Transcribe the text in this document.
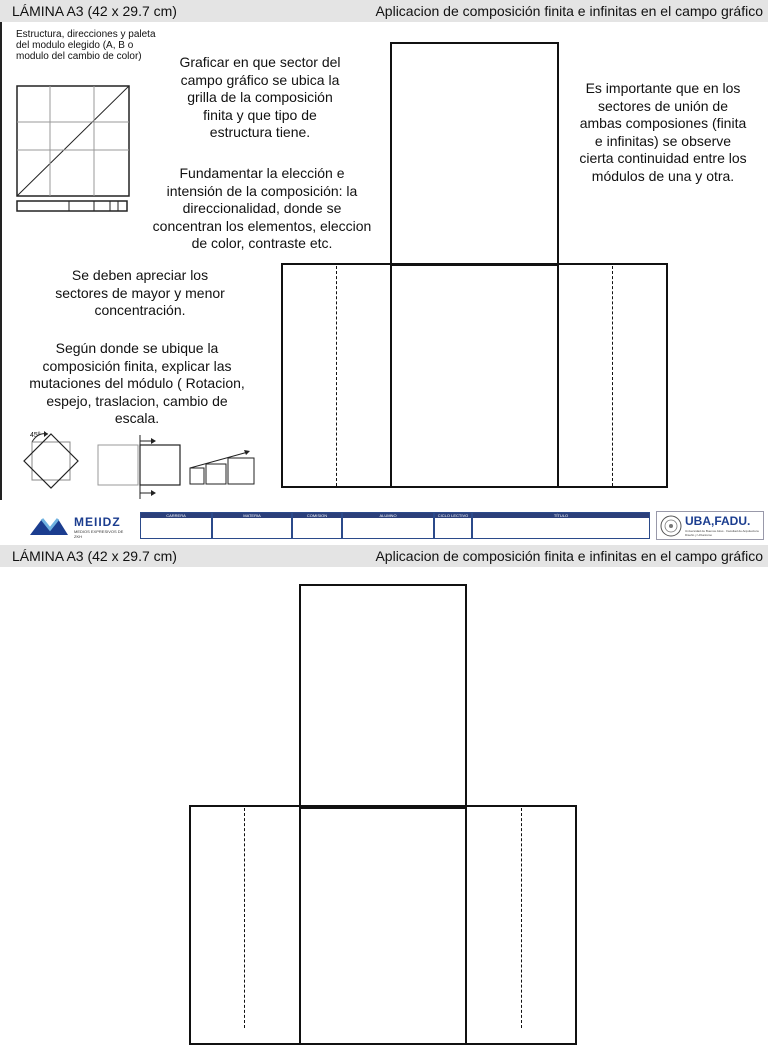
LÁMINA A3 (42 x 29.7 cm)	Aplicacion de composición finita e infinitas en el campo gráfico
Estructura, direcciones y paleta del modulo elegido (A, B o modulo del cambio de color)	Graficar en que sector del campo gráfico se ubica la grilla de la composición finita y que tipo de estructura tiene.
Fundamentar la elección e intensión de la composición: la direccionalidad, donde se concentran los elementos, eleccion de color, contraste etc.
Es importante que en los sectores de unión de ambas composiones (finita e infinitas) se observe cierta continuidad entre los módulos de una y otra.
Se deben apreciar los sectores de mayor y menor concentración.
Según donde se ubique la composición finita, explicar las mutaciones del módulo ( Rotacion, espejo, traslacion, cambio de escala.
45º
MEIIDZ
MEDIOS EXPRESIVOS DE ZKH
CARRERA	MATERIA	COMISION	ALUMNO	CICLO LECTIVO	TÍTULO	UBA,FADU.
Universidad de Buenos Aires · Facultad de Arquitectura Diseño y Urbanismo
LÁMINA A3 (42 x 29.7 cm)	Aplicacion de composición finita e infinitas en el campo gráfico
